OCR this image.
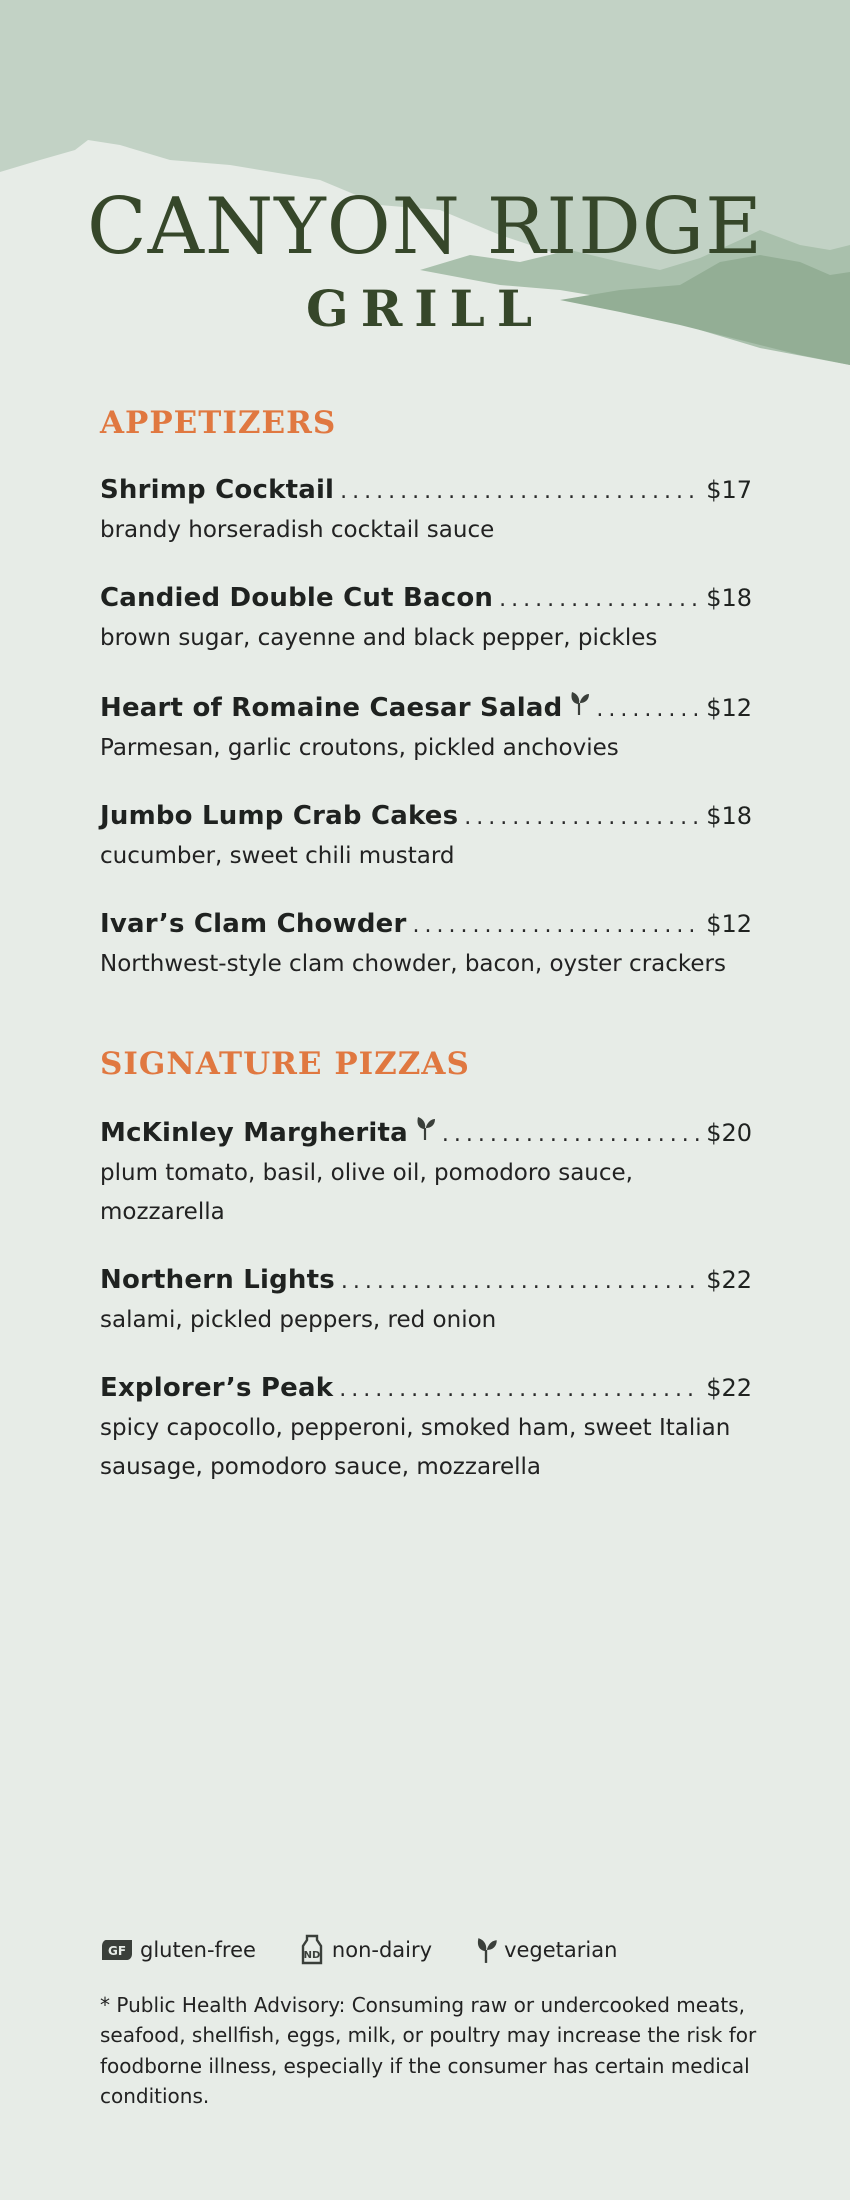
CANYON RIDGE
GRILL
APPETIZERS
Shrimp Cocktail .....	$17
brandy horseradish cocktail sauce
Candied Double Cut Bacon .....	$18
brown sugar, cayenne and black pepper, pickles
Heart of Romaine Caesar Salad .....	$12
Parmesan, garlic croutons, pickled anchovies
Jumbo Lump Crab Cakes .....	$18
cucumber, sweet chili mustard
Ivar’s Clam Chowder .....	$12
Northwest-style clam chowder, bacon, oyster crackers
SIGNATURE PIZZAS
McKinley Margherita .....	$20
plum tomato, basil, olive oil, pomodoro sauce, mozzarella
Northern Lights .....	$22
salami, pickled peppers, red onion
Explorer’s Peak .....	$22
spicy capocollo, pepperoni, smoked ham, sweet Italian sausage, pomodoro sauce, mozzarella
GF gluten-free	ND non-dairy	vegetarian
* Public Health Advisory: Consuming raw or undercooked meats, seafood, shellfish, eggs, milk, or poultry may increase the risk for foodborne illness, especially if the consumer has certain medical conditions.
